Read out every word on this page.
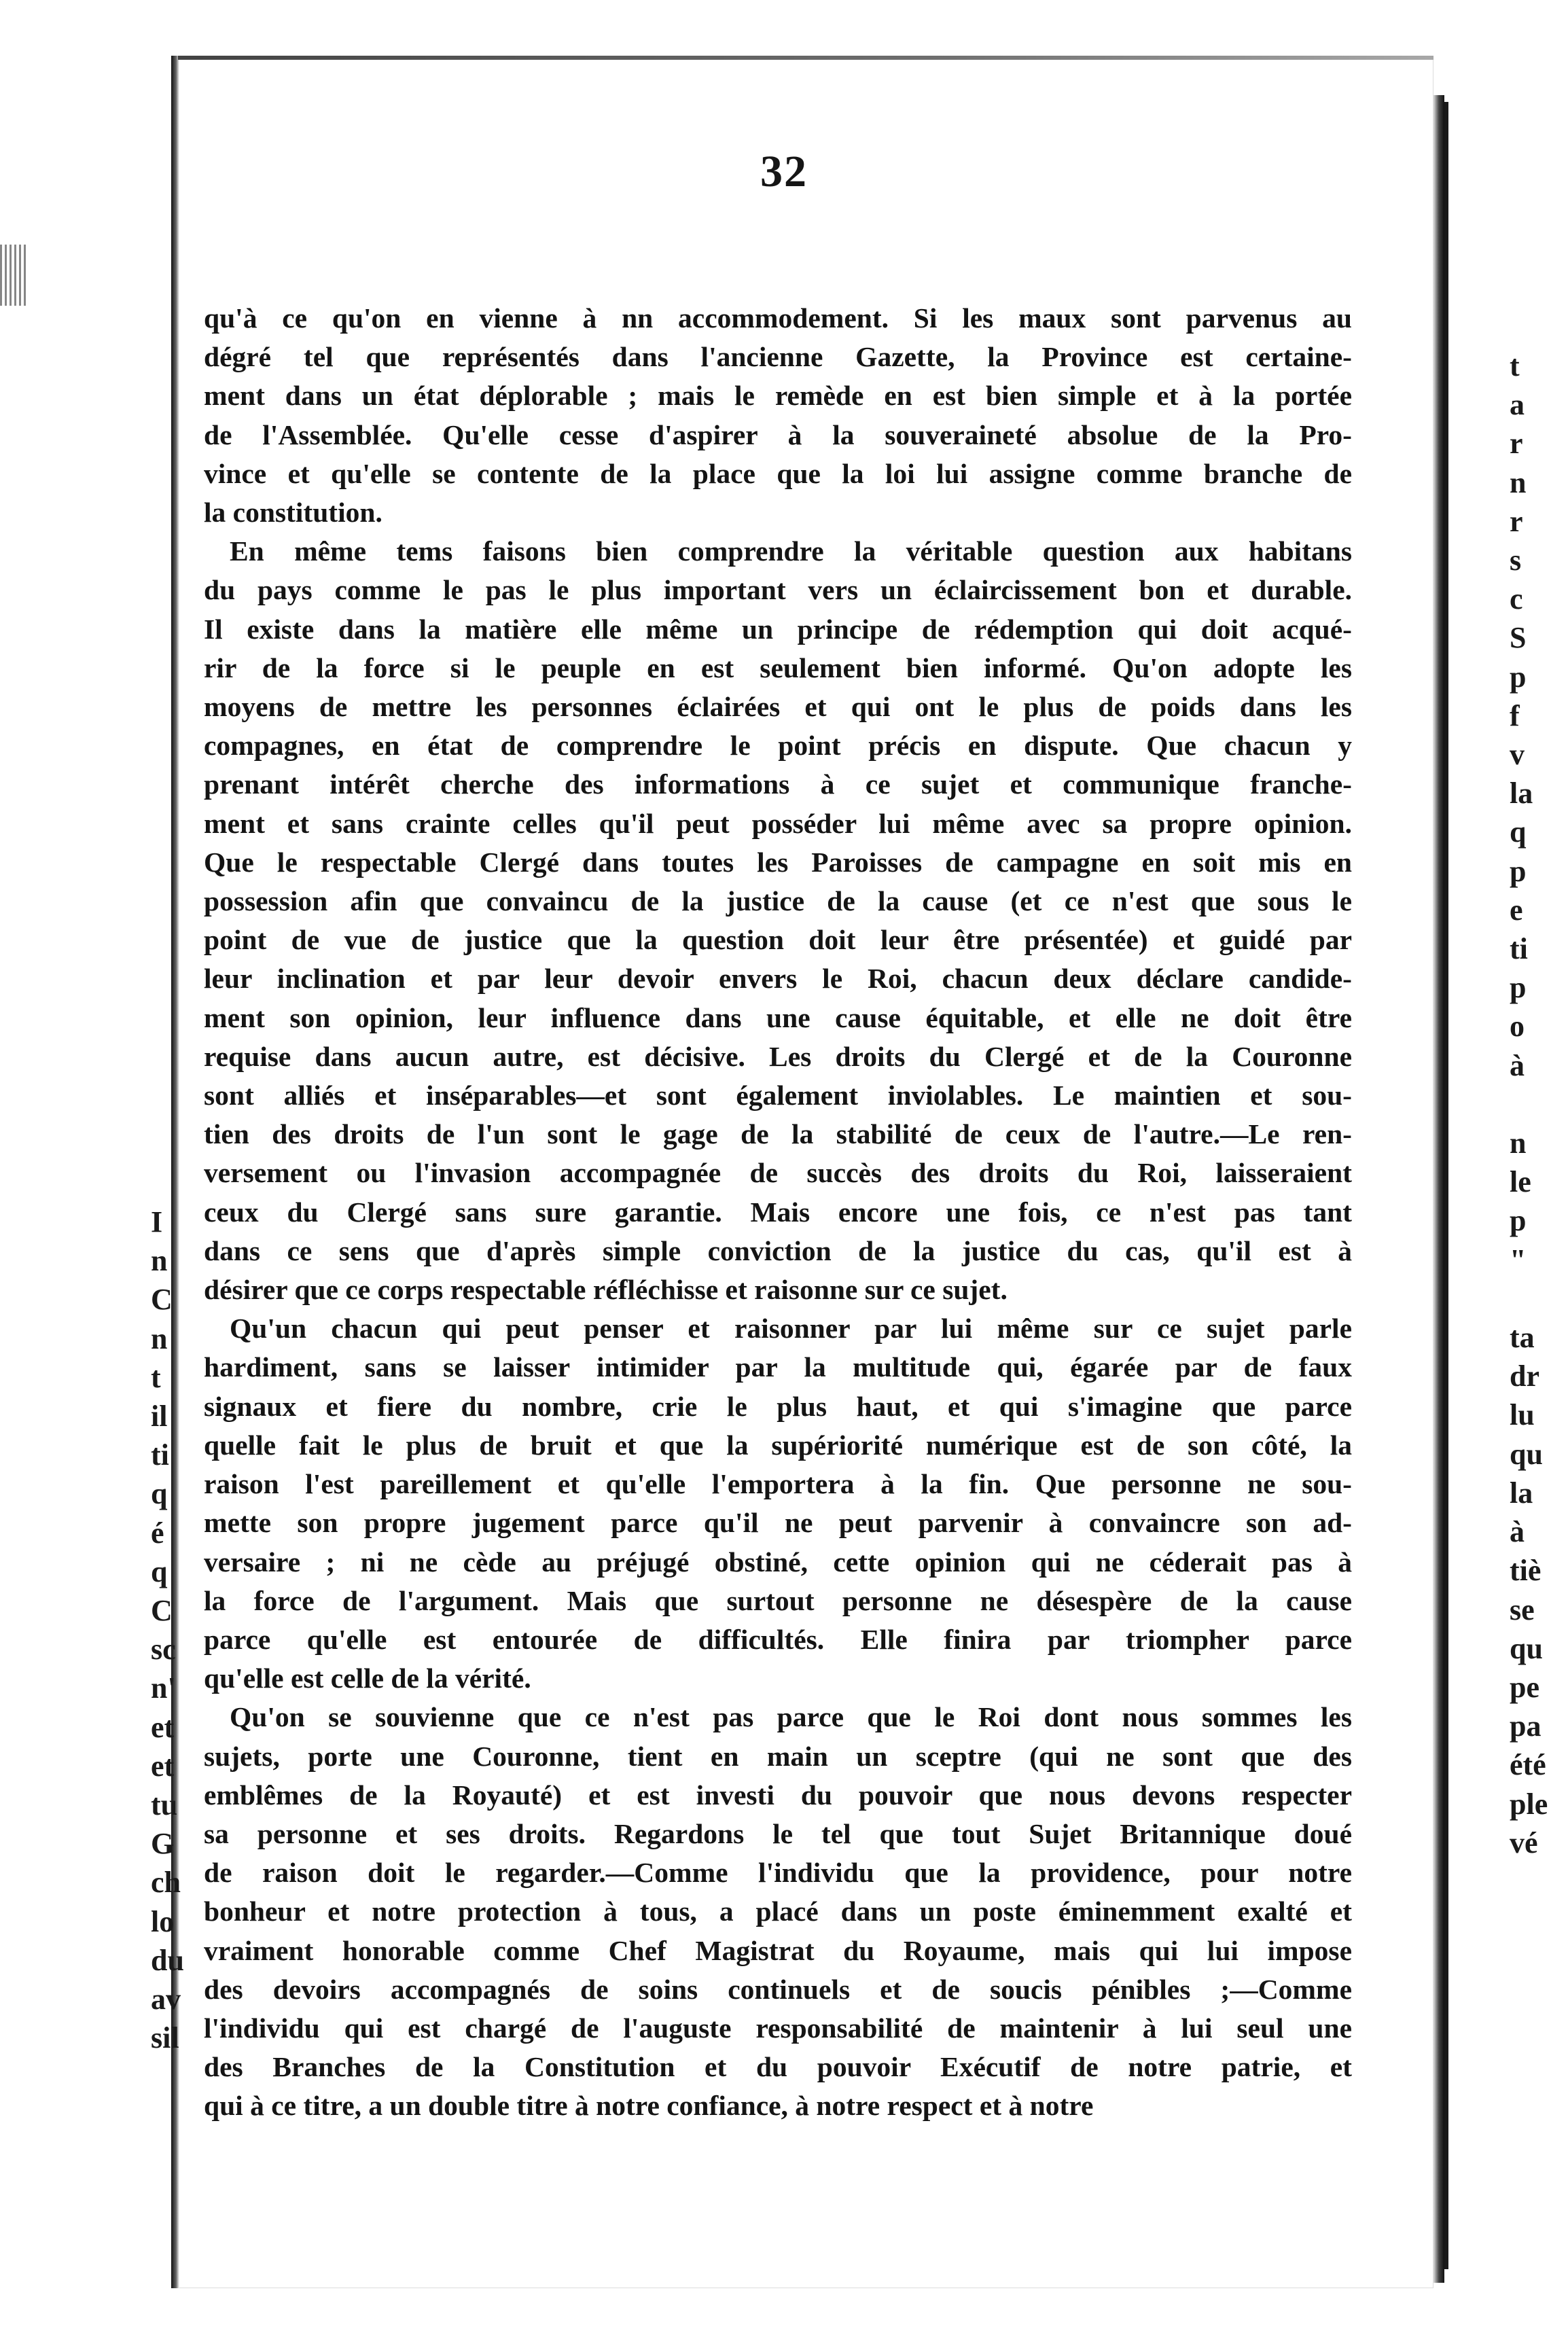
I
n
C
n
t
il
ti
q
é
q
C
sc
n'
et
et
tu
G
ch
lo
du
av
sil
t
a
r
n
r
s
c
S
p
f
v
la
q
p
e
ti
p
o
à

n
le
p
"

ta
dr
lu
qu
la
à
tiè
se
qu
pe
pa
été
ple
vé
32
qu'à ce qu'on en vienne à nn accommodement. Si les maux sont parvenus au
dégré tel que représentés dans l'ancienne Gazette, la Province est certaine-
ment dans un état déplorable ; mais le remède en est bien simple et à la portée
de l'Assemblée. Qu'elle cesse d'aspirer à la souveraineté absolue de la Pro-
vince et qu'elle se contente de la place que la loi lui assigne comme branche de
la constitution.
En même tems faisons bien comprendre la véritable question aux habitans
du pays comme le pas le plus important vers un éclaircissement bon et durable.
Il existe dans la matière elle même un principe de rédemption qui doit acqué-
rir de la force si le peuple en est seulement bien informé. Qu'on adopte les
moyens de mettre les personnes éclairées et qui ont le plus de poids dans les
compagnes, en état de comprendre le point précis en dispute. Que chacun y
prenant intérêt cherche des informations à ce sujet et communique franche-
ment et sans crainte celles qu'il peut posséder lui même avec sa propre opinion.
Que le respectable Clergé dans toutes les Paroisses de campagne en soit mis en
possession afin que convaincu de la justice de la cause (et ce n'est que sous le
point de vue de justice que la question doit leur être présentée) et guidé par
leur inclination et par leur devoir envers le Roi, chacun deux déclare candide-
ment son opinion, leur influence dans une cause équitable, et elle ne doit être
requise dans aucun autre, est décisive. Les droits du Clergé et de la Couronne
sont alliés et inséparables—et sont également inviolables. Le maintien et sou-
tien des droits de l'un sont le gage de la stabilité de ceux de l'autre.—Le ren-
versement ou l'invasion accompagnée de succès des droits du Roi, laisseraient
ceux du Clergé sans sure garantie. Mais encore une fois, ce n'est pas tant
dans ce sens que d'après simple conviction de la justice du cas, qu'il est à
désirer que ce corps respectable réfléchisse et raisonne sur ce sujet.
Qu'un chacun qui peut penser et raisonner par lui même sur ce sujet parle
hardiment, sans se laisser intimider par la multitude qui, égarée par de faux
signaux et fiere du nombre, crie le plus haut, et qui s'imagine que parce
quelle fait le plus de bruit et que la supériorité numérique est de son côté, la
raison l'est pareillement et qu'elle l'emportera à la fin. Que personne ne sou-
mette son propre jugement parce qu'il ne peut parvenir à convaincre son ad-
versaire ; ni ne cède au préjugé obstiné, cette opinion qui ne céderait pas à
la force de l'argument. Mais que surtout personne ne désespère de la cause
parce qu'elle est entourée de difficultés. Elle finira par triompher parce
qu'elle est celle de la vérité.
Qu'on se souvienne que ce n'est pas parce que le Roi dont nous sommes les
sujets, porte une Couronne, tient en main un sceptre (qui ne sont que des
emblêmes de la Royauté) et est investi du pouvoir que nous devons respecter
sa personne et ses droits. Regardons le tel que tout Sujet Britannique doué
de raison doit le regarder.—Comme l'individu que la providence, pour notre
bonheur et notre protection à tous, a placé dans un poste éminemment exalté et
vraiment honorable comme Chef Magistrat du Royaume, mais qui lui impose
des devoirs accompagnés de soins continuels et de soucis pénibles ;—Comme
l'individu qui est chargé de l'auguste responsabilité de maintenir à lui seul une
des Branches de la Constitution et du pouvoir Exécutif de notre patrie, et
qui à ce titre, a un double titre à notre confiance, à notre respect et à notre
